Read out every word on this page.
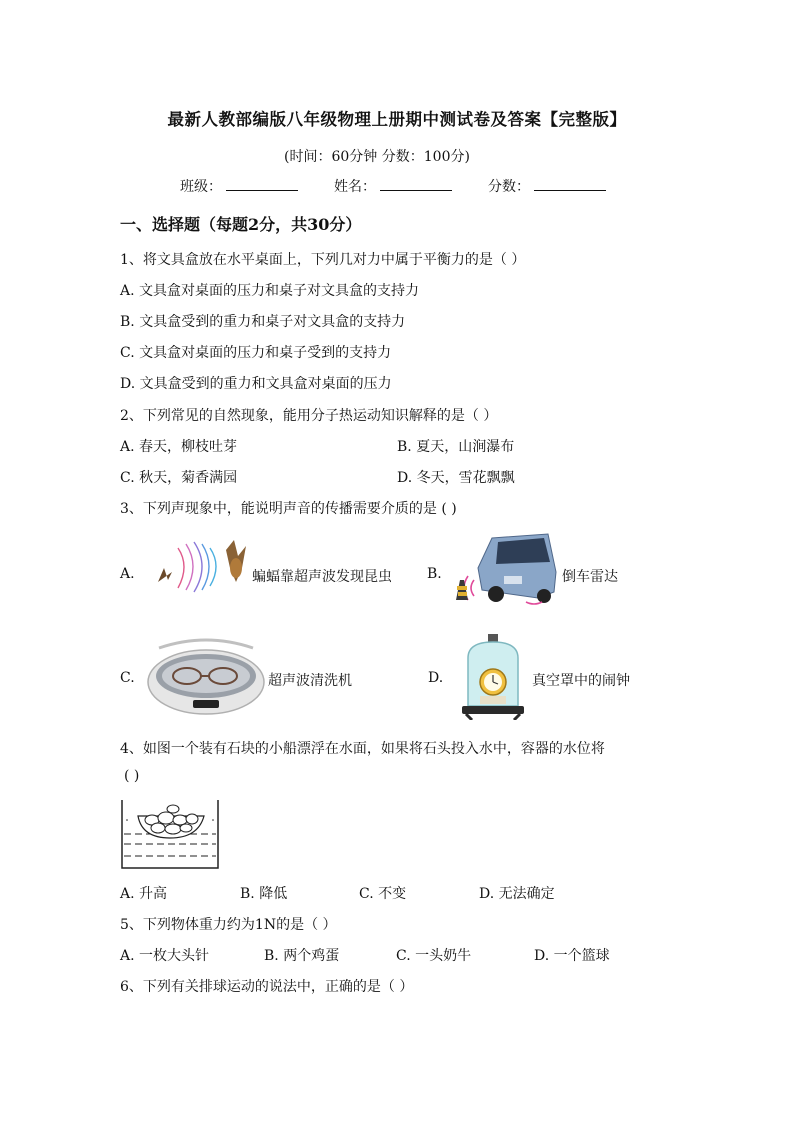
最新人教部编版八年级物理上册期中测试卷及答案【完整版】
(时间：60分钟 分数：100分)
班级：	姓名：	分数：
一、选择题（每题2分，共30分）
1、将文具盒放在水平桌面上，下列几对力中属于平衡力的是（ ）
A. 文具盒对桌面的压力和桌子对文具盒的支持力
B. 文具盒受到的重力和桌子对文具盒的支持力
C. 文具盒对桌面的压力和桌子受到的支持力
D. 文具盒受到的重力和文具盒对桌面的压力
2、下列常见的自然现象，能用分子热运动知识解释的是（ ）
A. 春天，柳枝吐芽	B. 夏天，山涧瀑布
C. 秋天，菊香满园	D. 冬天，雪花飘飘
3、下列声现象中，能说明声音的传播需要介质的是 ( )
A.	蝙蝠靠超声波发现昆虫	B.	倒车雷达
C.	超声波清洗机	D.	真空罩中的闹钟
4、如图一个装有石块的小船漂浮在水面，如果将石头投入水中，容器的水位将
( )
A. 升高	B. 降低	C. 不变	D. 无法确定
5、下列物体重力约为1N的是（ ）
A. 一枚大头针	B. 两个鸡蛋	C. 一头奶牛	D. 一个篮球
6、下列有关排球运动的说法中，正确的是（ ）
